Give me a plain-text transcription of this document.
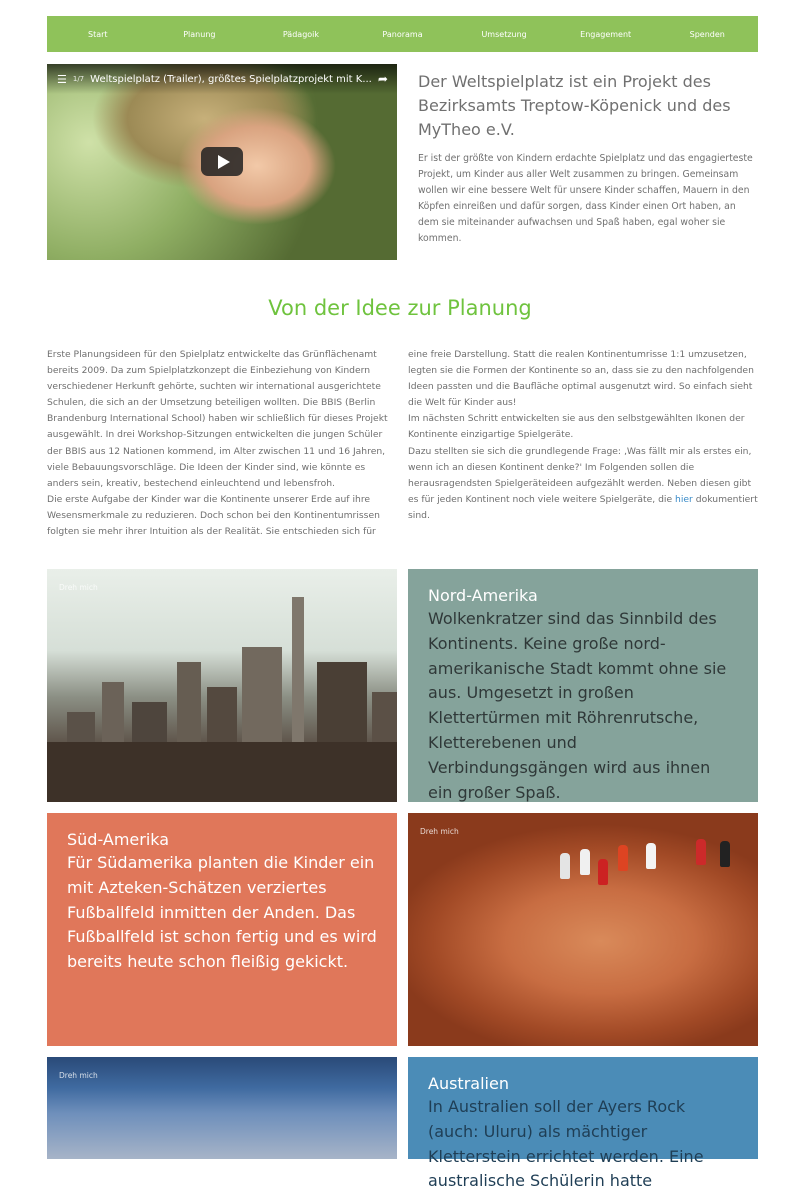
Start	Planung	Pädagoik	Panorama	Umsetzung	Engagement	Spenden
☰ 1/7 Weltspielplatz (Trailer), größtes Spielplatzprojekt mit K... ➦ Der Weltspielplatz ist ein Projekt des Bezirksamts Treptow-Köpenick und des MyTheo e.V.
Er ist der größte von Kindern erdachte Spielplatz und das engagierteste Projekt, um Kinder aus aller Welt zusammen zu bringen. Gemeinsam wollen wir eine bessere Welt für unsere Kinder schaffen, Mauern in den Köpfen einreißen und dafür sorgen, dass Kinder einen Ort haben, an dem sie miteinander aufwachsen und Spaß haben, egal woher sie kommen.
Von der Idee zur Planung

Erste Planungsideen für den Spielplatz entwickelte das Grünflächenamt bereits 2009. Da zum Spielplatzkonzept die Einbeziehung von Kindern verschiedener Herkunft gehörte, suchten wir international ausgerichtete Schulen, die sich an der Umsetzung beteiligen wollten. Die BBIS (Berlin Brandenburg International School) haben wir schließlich für dieses Projekt ausgewählt. In drei Workshop-Sitzungen entwickelten die jungen Schüler der BBIS aus 12 Nationen kommend, im Alter zwischen 11 und 16 Jahren, viele Bebauungsvorschläge. Die Ideen der Kinder sind, wie könnte es anders sein, kreativ, bestechend einleuchtend und lebensfroh.

Die erste Aufgabe der Kinder war die Kontinente unserer Erde auf ihre Wesensmerkmale zu reduzieren. Doch schon bei den Kontinentumrissen folgten sie mehr ihrer Intuition als der Realität. Sie entschieden sich für

eine freie Darstellung. Statt die realen Kontinentumrisse 1:1 umzusetzen, legten sie die Formen der Kontinente so an, dass sie zu den nachfolgenden Ideen passten und die Baufläche optimal ausgenutzt wird. So einfach sieht die Welt für Kinder aus!

Im nächsten Schritt entwickelten sie aus den selbstgewählten Ikonen der Kontinente einzigartige Spielgeräte.

Dazu stellten sie sich die grundlegende Frage: ‚Was fällt mir als erstes ein, wenn ich an diesen Kontinent denke?' Im Folgenden sollen die herausragendsten Spielgeräteideen aufgezählt werden. Neben diesen gibt es für jeden Kontinent noch viele weitere Spielgeräte, die hier dokumentiert sind.

Dreh mich	Nord-Amerika
Wolkenkratzer sind das Sinnbild des Kontinents. Keine große nord-amerikanische Stadt kommt ohne sie aus. Umgesetzt in großen Klettertürmen mit Röhrenrutsche, Kletterebenen und Verbindungsgängen wird aus ihnen ein großer Spaß.
Süd-Amerika
Für Südamerika planten die Kinder ein mit Azteken-Schätzen verziertes Fußballfeld inmitten der Anden. Das Fußballfeld ist schon fertig und es wird bereits heute schon fleißig gekickt.
Dreh mich
Dreh mich	Australien
In Australien soll der Ayers Rock (auch: Uluru) als mächtiger Kletterstein errichtet werden. Eine australische Schülerin hatte
